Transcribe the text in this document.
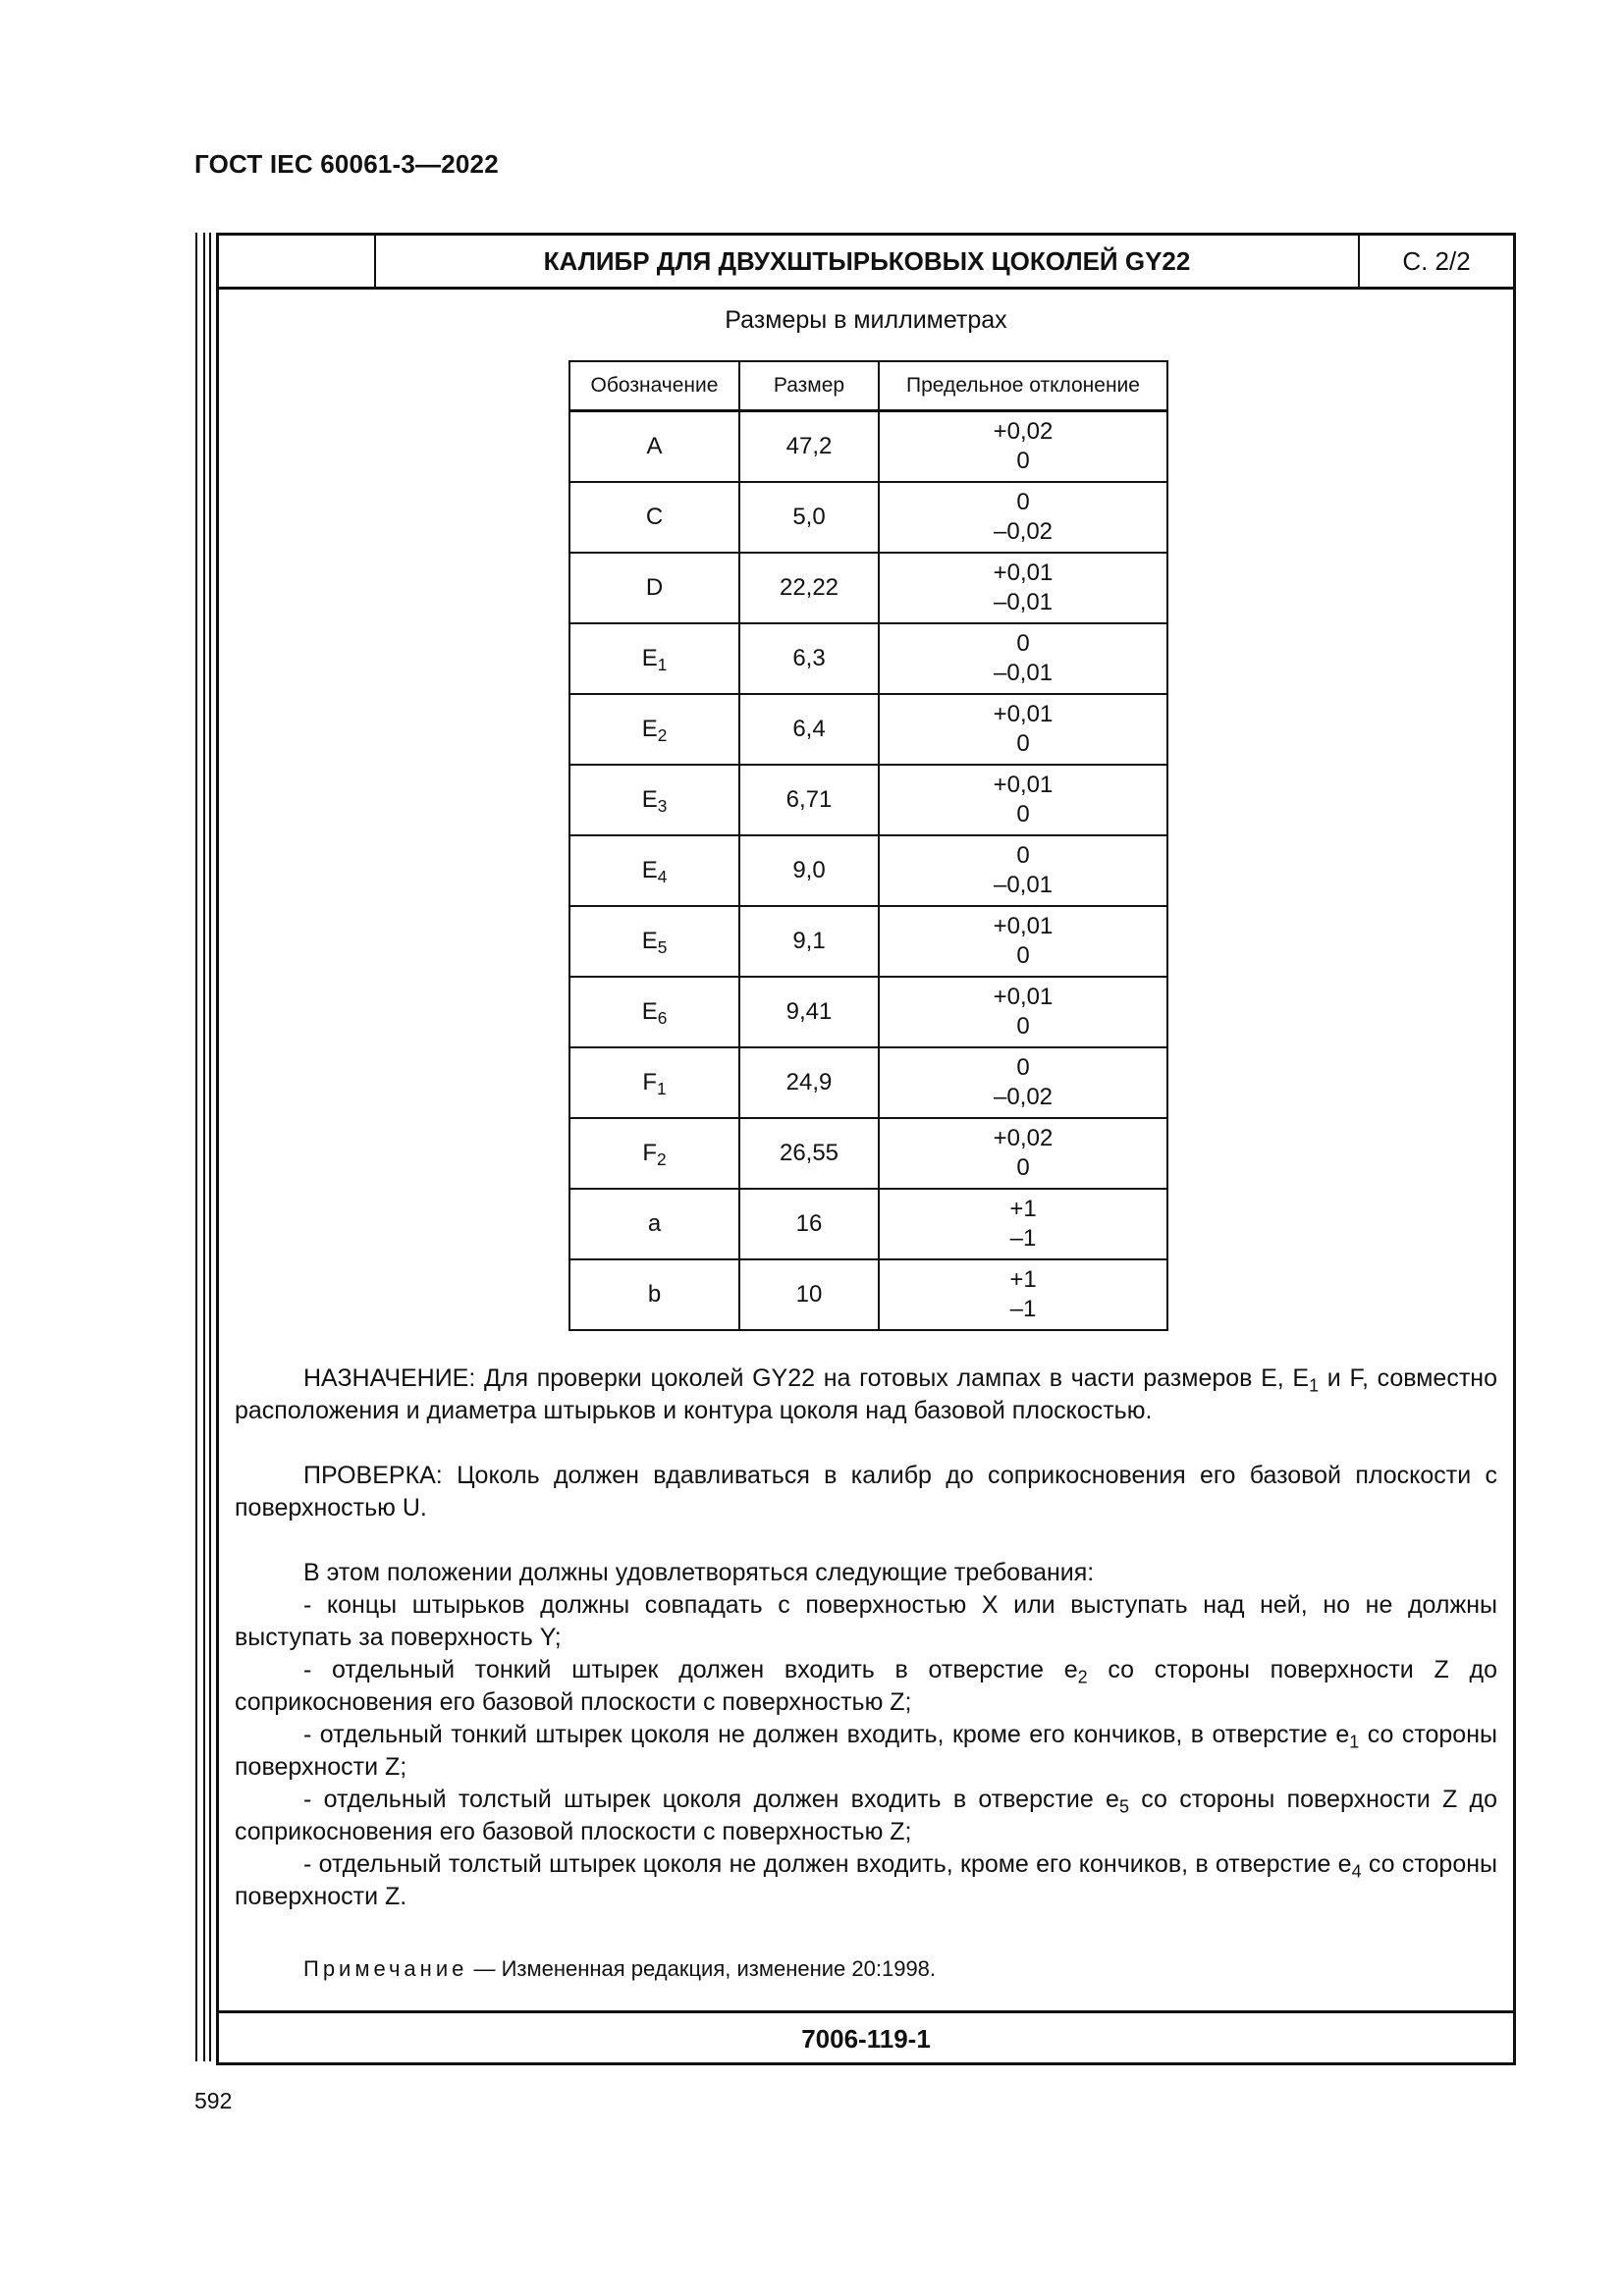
ГОСТ IEC 60061-3—2022
КАЛИБР ДЛЯ ДВУХШТЫРЬКОВЫХ ЦОКОЛЕЙ GY22	С. 2/2
Размеры в миллиметрах
Обозначение	Размер	Предельное отклонение
A	47,2	+0,02
0

C	5,0	0
–0,02

D	22,22	+0,01
–0,01

$E_1$	6,3	0
–0,01

$E_2$	6,4	+0,01
0

$E_3$	6,71	+0,01
0

$E_4$	9,0	0
–0,01

$E_5$	9,1	+0,01
0

$E_6$	9,41	+0,01
0

$F_1$	24,9	0
–0,02

$F_2$	26,55	+0,02
0

a	16	+1
–1

b	10	+1
–1

НАЗНАЧЕНИЕ: Для проверки цоколей GY22 на готовых лампах в части размеров E, $E_1$ и F, совместно расположения и диаметра штырьков и контура цоколя над базовой плоскостью.

ПРОВЕРКА: Цоколь должен вдавливаться в калибр до соприкосновения его базовой плоскости с поверхностью U.

В этом положении должны удовлетворяться следующие требования:

- концы штырьков должны совпадать с поверхностью X или выступать над ней, но не должны выступать за поверхность Y;

- отдельный тонкий штырек должен входить в отверстие $e_2$ со стороны поверхности Z до соприкосновения его базовой плоскости с поверхностью Z;

- отдельный тонкий штырек цоколя не должен входить, кроме его кончиков, в отверстие $e_1$ со стороны поверхности Z;

- отдельный толстый штырек цоколя должен входить в отверстие $e_5$ со стороны поверхности Z до соприкосновения его базовой плоскости с поверхностью Z;

- отдельный толстый штырек цоколя не должен входить, кроме его кончиков, в отверстие $e_4$ со стороны поверхности Z.

Примечание — Измененная редакция, изменение 20:1998.
7006-119-1
592
